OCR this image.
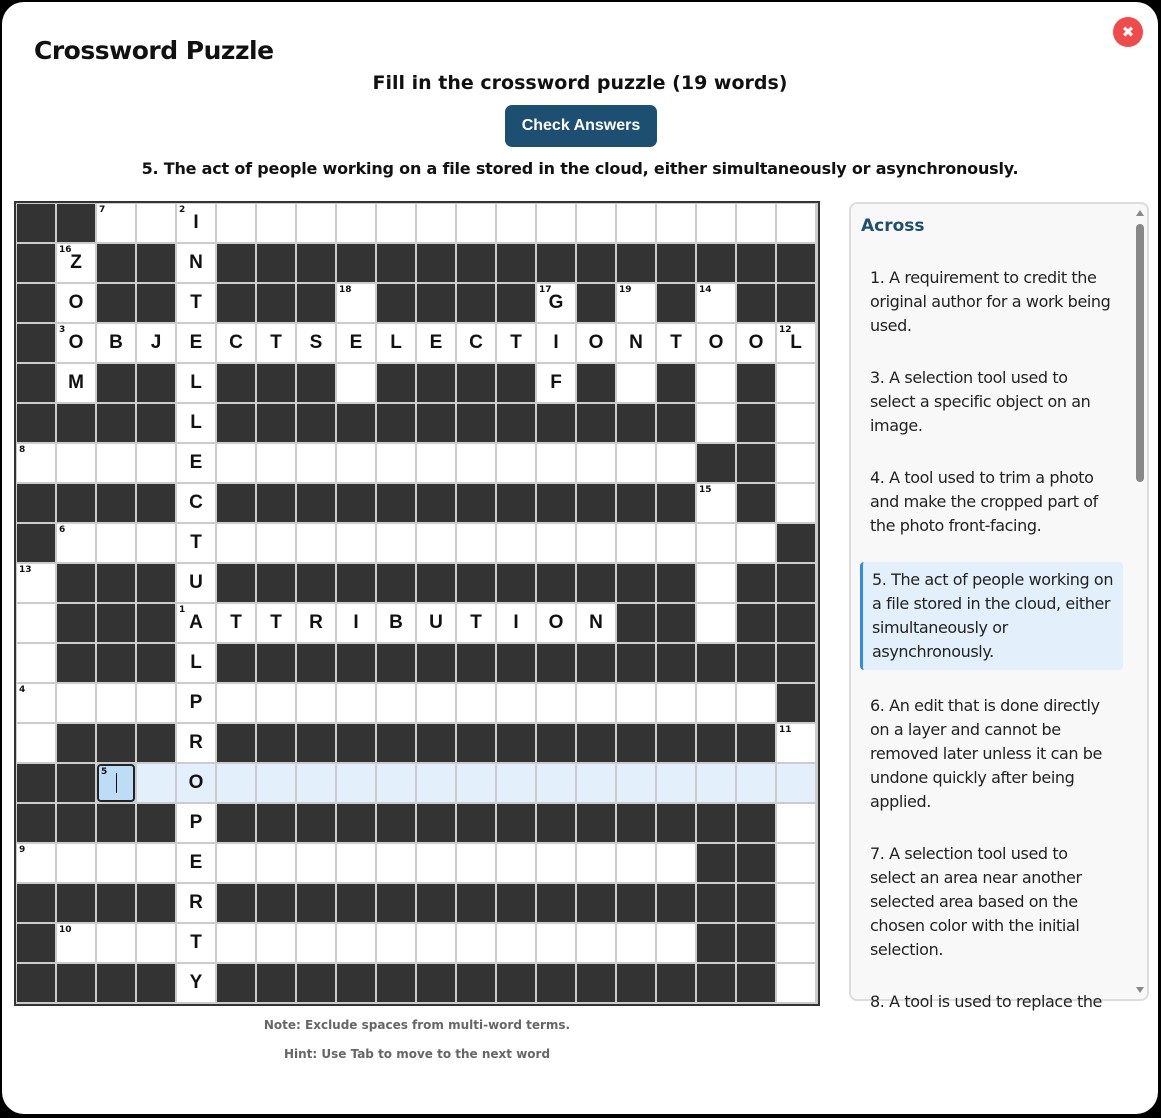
Crossword Puzzle
✖
Fill in the crossword puzzle (19 words)
Check Answers
5. The act of people working on a file stored in the cloud, either simultaneously or asynchronously.
7	2
I
16
Z	N
O	T
18	17
G
19	14
3
O B J E C T S E L E C T I O N T O O
12
L
M	L	F
L
8
E
C
15
6
T
13
U
1
A T T R I B U T I O N
L
4
P
R
11
5	O
P
9
E
R
10
T
Y
Note: Exclude spaces from multi-word terms.
Hint: Use Tab to move to the next word
Across
1. A requirement to credit the original author for a work being used.
3. A selection tool used to select a specific object on an image.
4. A tool used to trim a photo and make the cropped part of the photo front-facing.
5. The act of people working on a file stored in the cloud, either simultaneously or asynchronously.
6. An edit that is done directly on a layer and cannot be removed later unless it can be undone quickly after being applied.
7. A selection tool used to select an area near another selected area based on the chosen color with the initial selection.
8. A tool is used to replace the
